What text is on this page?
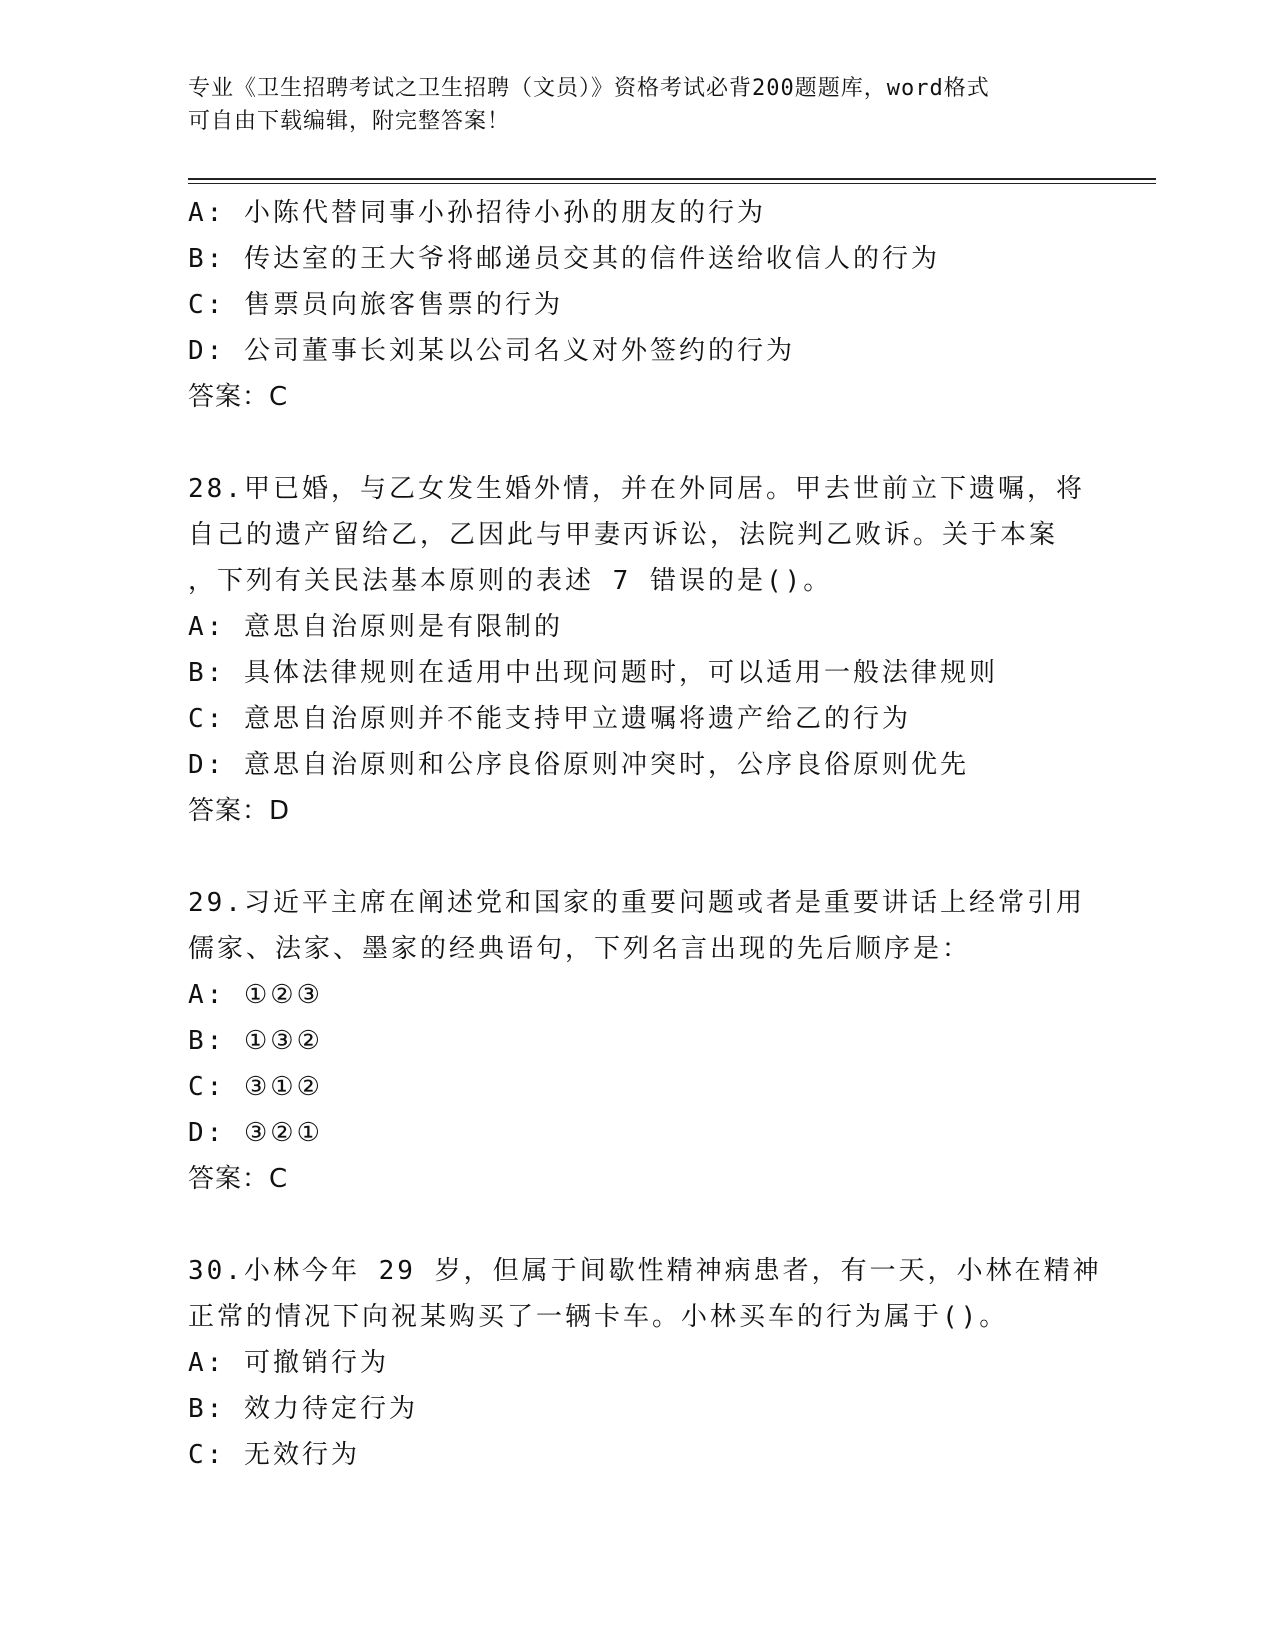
专业《卫生招聘考试之卫生招聘（文员）》资格考试必背200题题库，word格式
可自由下载编辑，附完整答案！
A: 小陈代替同事小孙招待小孙的朋友的行为
B: 传达室的王大爷将邮递员交其的信件送给收信人的行为
C: 售票员向旅客售票的行为
D: 公司董事长刘某以公司名义对外签约的行为
答案：C
28.甲已婚，与乙女发生婚外情，并在外同居。甲去世前立下遗嘱，将
自己的遗产留给乙，乙因此与甲妻丙诉讼，法院判乙败诉。关于本案
，下列有关民法基本原则的表述 7 错误的是()。
A: 意思自治原则是有限制的
B: 具体法律规则在适用中出现问题时，可以适用一般法律规则
C: 意思自治原则并不能支持甲立遗嘱将遗产给乙的行为
D: 意思自治原则和公序良俗原则冲突时，公序良俗原则优先
答案：D
29.习近平主席在阐述党和国家的重要问题或者是重要讲话上经常引用
儒家、法家、墨家的经典语句，下列名言出现的先后顺序是：
A: ①②③
B: ①③②
C: ③①②
D: ③②①
答案：C
30.小林今年 29 岁，但属于间歇性精神病患者，有一天，小林在精神
正常的情况下向祝某购买了一辆卡车。小林买车的行为属于()。
A: 可撤销行为
B: 效力待定行为
C: 无效行为
